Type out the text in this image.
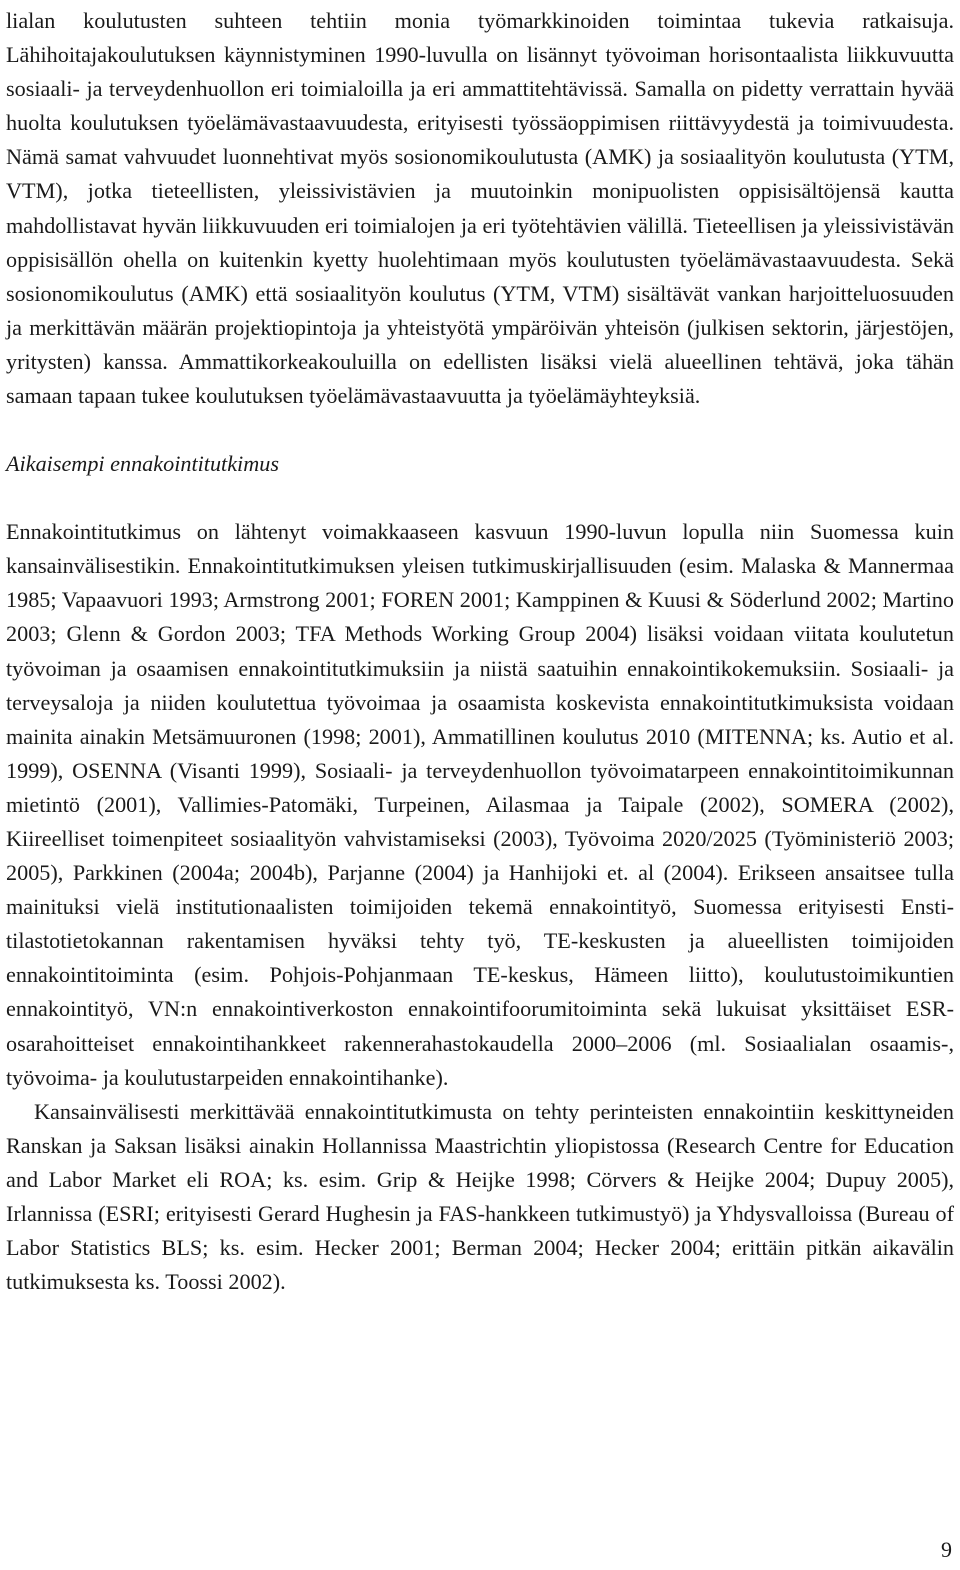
lialan koulutusten suhteen tehtiin monia työmarkkinoiden toimintaa tukevia ratkaisuja. Lähihoitajakoulutuksen käynnistyminen 1990-luvulla on lisännyt työvoiman horisontaalista liikkuvuutta sosiaali- ja terveydenhuollon eri toimialoilla ja eri ammattitehtävissä. Samalla on pidetty verrattain hyvää huolta koulutuksen työelämävastaavuudesta, erityisesti työssäoppimisen riittävyydestä ja toimivuudesta. Nämä samat vahvuudet luonnehtivat myös sosionomikoulutusta (AMK) ja sosiaalityön koulutusta (YTM, VTM), jotka tieteellisten, yleissivistävien ja muutoinkin monipuolisten oppisisältöjensä kautta mahdollistavat hyvän liikkuvuuden eri toimialojen ja eri työtehtävien välillä. Tieteellisen ja yleissivistävän oppisisällön ohella on kuitenkin kyetty huolehtimaan myös koulutusten työelämävastaavuudesta. Sekä sosionomikoulutus (AMK) että sosiaalityön koulutus (YTM, VTM) sisältävät vankan harjoitteluosuuden ja merkittävän määrän projektiopintoja ja yhteistyötä ympäröivän yhteisön (julkisen sektorin, järjestöjen, yritysten) kanssa. Ammattikorkeakouluilla on edellisten lisäksi vielä alueellinen tehtävä, joka tähän samaan tapaan tukee koulutuksen työelämävastaavuutta ja työelämäyhteyksiä.

Aikaisempi ennakointitutkimus

Ennakointitutkimus on lähtenyt voimakkaaseen kasvuun 1990-luvun lopulla niin Suomessa kuin kansainvälisestikin. Ennakointitutkimuksen yleisen tutkimuskirjallisuuden (esim. Malaska & Mannermaa 1985; Vapaavuori 1993; Armstrong 2001; FOREN 2001; Kamppinen & Kuusi & Söderlund 2002; Martino 2003; Glenn & Gordon 2003; TFA Methods Working Group 2004) lisäksi voidaan viitata koulutetun työvoiman ja osaamisen ennakointitutkimuksiin ja niistä saatuihin ennakointikokemuksiin. Sosiaali- ja terveysaloja ja niiden koulutettua työvoimaa ja osaamista koskevista ennakointitutkimuksista voidaan mainita ainakin Metsämuuronen (1998; 2001), Ammatillinen koulutus 2010 (MITENNA; ks. Autio et al. 1999), OSENNA (Visanti 1999), Sosiaali- ja terveydenhuollon työvoimatarpeen ennakointitoimikunnan mietintö (2001), Vallimies-Patomäki, Turpeinen, Ailasmaa ja Taipale (2002), SOMERA (2002), Kiireelliset toimenpiteet sosiaalityön vahvistamiseksi (2003), Työvoima 2020/2025 (Työministeriö 2003; 2005), Parkkinen (2004a; 2004b), Parjanne (2004) ja Hanhijoki et. al (2004). Erikseen ansaitsee tulla mainituksi vielä institutionaalisten toimijoiden tekemä ennakointityö, Suomessa erityisesti Ensti-tilastotietokannan rakentamisen hyväksi tehty työ, TE-keskusten ja alueellisten toimijoiden ennakointitoiminta (esim. Pohjois-Pohjanmaan TE-keskus, Hämeen liitto), koulutustoimikuntien ennakointityö, VN:n ennakointiverkoston ennakointifoorumitoiminta sekä lukuisat yksittäiset ESR-osarahoitteiset ennakointihankkeet rakennerahastokaudella 2000–2006 (ml. Sosiaalialan osaamis-, työvoima- ja koulutustarpeiden ennakointihanke).

Kansainvälisesti merkittävää ennakointitutkimusta on tehty perinteisten ennakointiin keskittyneiden Ranskan ja Saksan lisäksi ainakin Hollannissa Maastrichtin yliopistossa (Research Centre for Education and Labor Market eli ROA; ks. esim. Grip & Heijke 1998; Cörvers & Heijke 2004; Dupuy 2005), Irlannissa (ESRI; erityisesti Gerard Hughesin ja FAS-hankkeen tutkimustyö) ja Yhdysvalloissa (Bureau of Labor Statistics BLS; ks. esim. Hecker 2001; Berman 2004; Hecker 2004; erittäin pitkän aikavälin tutkimuksesta ks. Toossi 2002).

9
